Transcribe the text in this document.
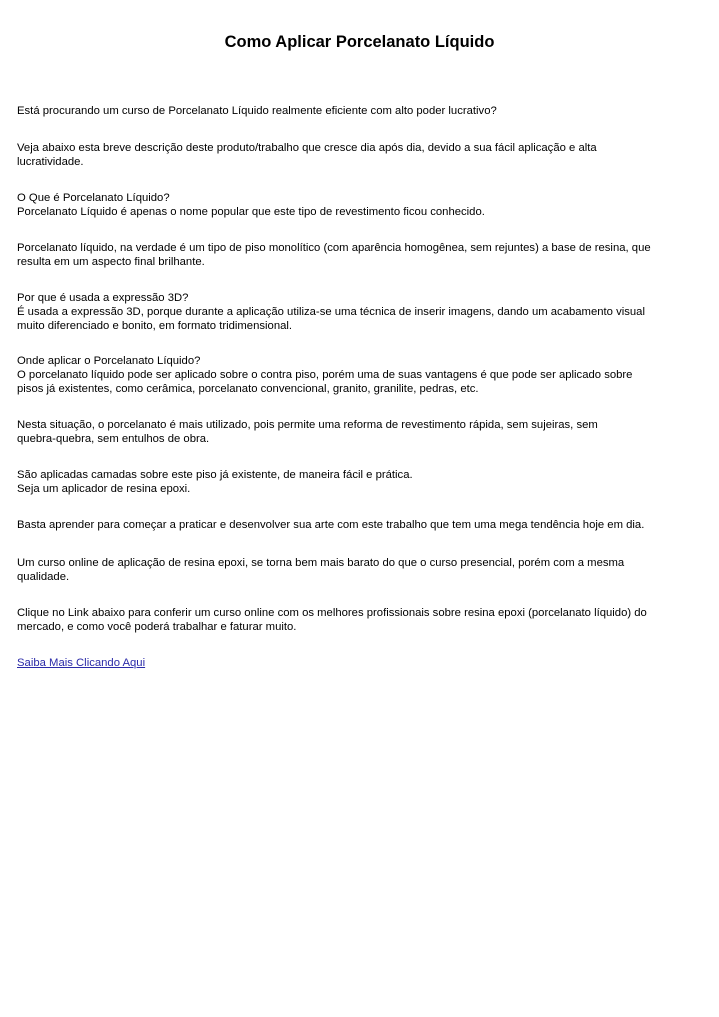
Como Aplicar Porcelanato Líquido

Está procurando um curso de Porcelanato Líquido realmente eficiente com alto poder lucrativo?

Veja abaixo esta breve descrição deste produto/trabalho que cresce dia após dia, devido a sua fácil aplicação e alta
lucratividade.

O Que é Porcelanato Líquido?
Porcelanato Líquido é apenas o nome popular que este tipo de revestimento ficou conhecido.

Porcelanato líquido, na verdade é um tipo de piso monolítico (com aparência homogênea, sem rejuntes) a base de resina, que
resulta em um aspecto final brilhante.

Por que é usada a expressão 3D?
É usada a expressão 3D, porque durante a aplicação utiliza-se uma técnica de inserir imagens, dando um acabamento visual
muito diferenciado e bonito, em formato tridimensional.

Onde aplicar o Porcelanato Líquido?
O porcelanato líquido pode ser aplicado sobre o contra piso, porém uma de suas vantagens é que pode ser aplicado sobre
pisos já existentes, como cerâmica, porcelanato convencional, granito, granilite, pedras, etc.

Nesta situação, o porcelanato é mais utilizado, pois permite uma reforma de revestimento rápida, sem sujeiras, sem
quebra-quebra, sem entulhos de obra.

São aplicadas camadas sobre este piso já existente, de maneira fácil e prática.
Seja um aplicador de resina epoxi.

Basta aprender para começar a praticar e desenvolver sua arte com este trabalho que tem uma mega tendência hoje em dia.

Um curso online de aplicação de resina epoxi, se torna bem mais barato do que o curso presencial, porém com a mesma
qualidade.

Clique no Link abaixo para conferir um curso online com os melhores profissionais sobre resina epoxi (porcelanato líquido) do
mercado, e como você poderá trabalhar e faturar muito.

Saiba Mais Clicando Aqui
